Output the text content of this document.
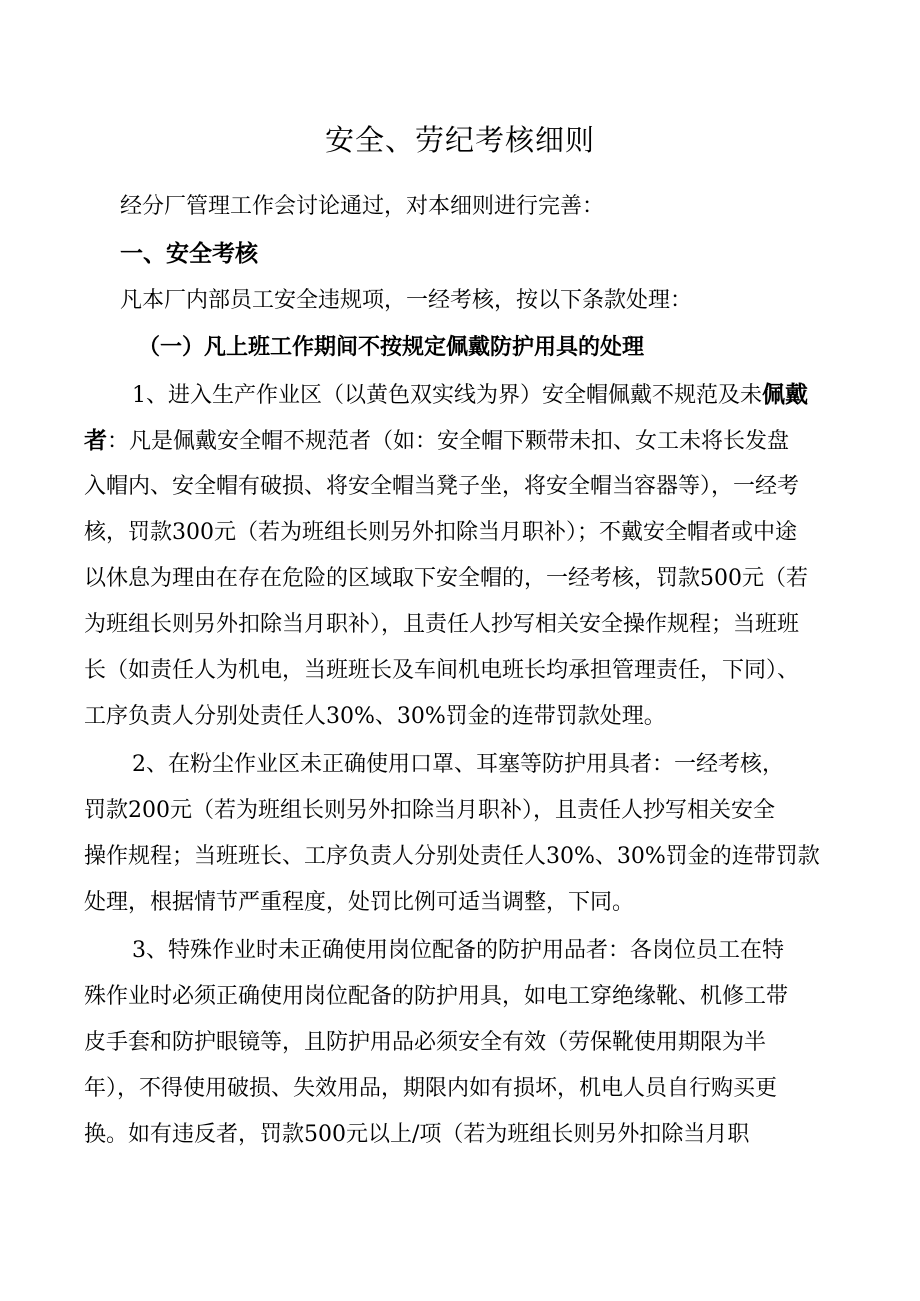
安全、劳纪考核细则

经分厂管理工作会讨论通过，对本细则进行完善：

一、安全考核

凡本厂内部员工安全违规项，一经考核，按以下条款处理：

（一）凡上班工作期间不按规定佩戴防护用具的处理

1、进入生产作业区（以黄色双实线为界）安全帽佩戴不规范及未佩戴

者：凡是佩戴安全帽不规范者（如：安全帽下颗带未扣、女工未将长发盘

入帽内、安全帽有破损、将安全帽当凳子坐，将安全帽当容器等），一经考

核，罚款300元（若为班组长则另外扣除当月职补）；不戴安全帽者或中途

以休息为理由在存在危险的区域取下安全帽的，一经考核，罚款500元（若

为班组长则另外扣除当月职补），且责任人抄写相关安全操作规程；当班班

长（如责任人为机电，当班班长及车间机电班长均承担管理责任，下同）、

工序负责人分别处责任人30%、30%罚金的连带罚款处理。

2、在粉尘作业区未正确使用口罩、耳塞等防护用具者：一经考核，

罚款200元（若为班组长则另外扣除当月职补），且责任人抄写相关安全

操作规程；当班班长、工序负责人分别处责任人30%、30%罚金的连带罚款

处理，根据情节严重程度，处罚比例可适当调整，下同。

3、特殊作业时未正确使用岗位配备的防护用品者：各岗位员工在特

殊作业时必须正确使用岗位配备的防护用具，如电工穿绝缘靴、机修工带

皮手套和防护眼镜等，且防护用品必须安全有效（劳保靴使用期限为半

年），不得使用破损、失效用品，期限内如有损坏，机电人员自行购买更

换。如有违反者，罚款500元以上/项（若为班组长则另外扣除当月职
